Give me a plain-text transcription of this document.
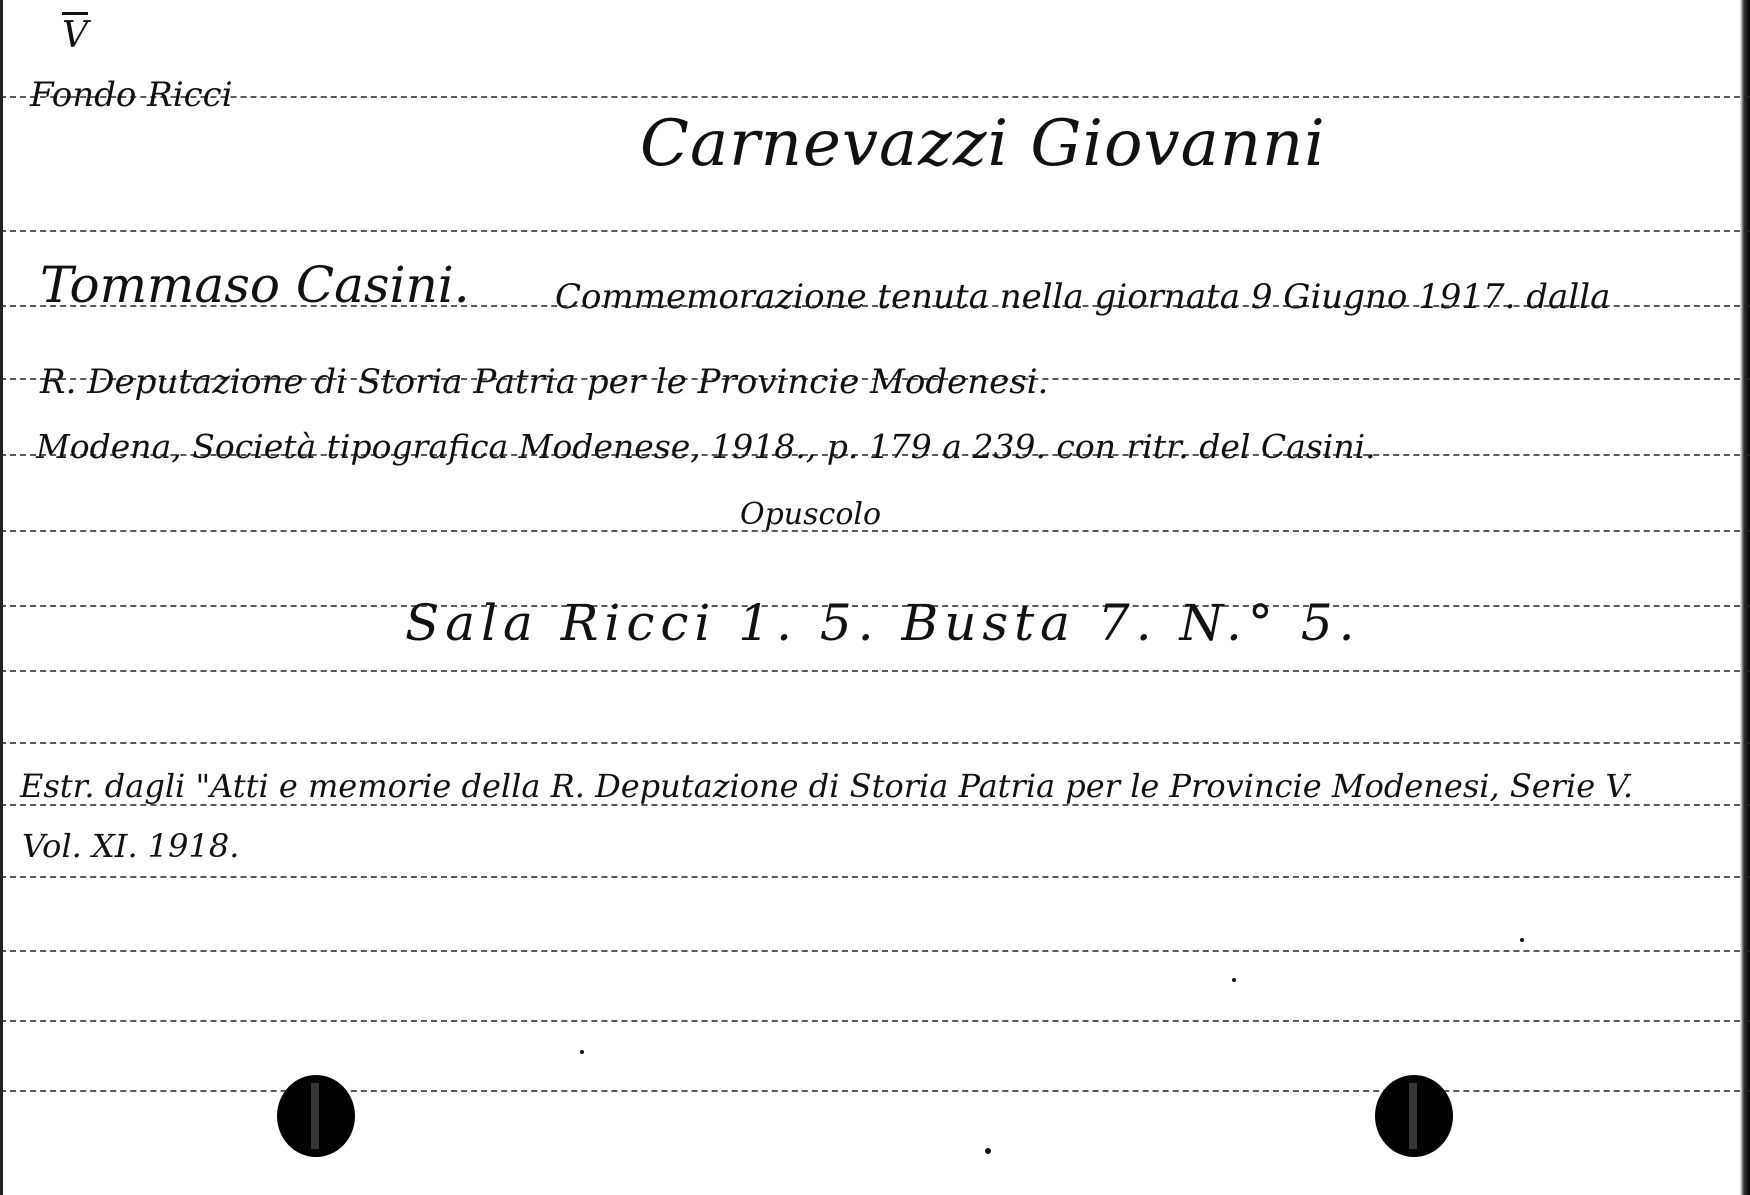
$\overline{V}$
Fondo Ricci
Carnevazzi Giovanni
Tommaso Casini.	Commemorazione tenuta nella giornata 9 Giugno 1917. dalla
R. Deputazione di Storia Patria per le Provincie Modenesi.
Modena, Società tipografica Modenese, 1918., p. 179 a 239. con ritr. del Casini.
Opuscolo
Sala Ricci 1. 5. Busta 7. N.° 5.
Estr. dagli "Atti e memorie della R. Deputazione di Storia Patria per le Provincie Modenesi, Serie V.
Vol. XI. 1918.
